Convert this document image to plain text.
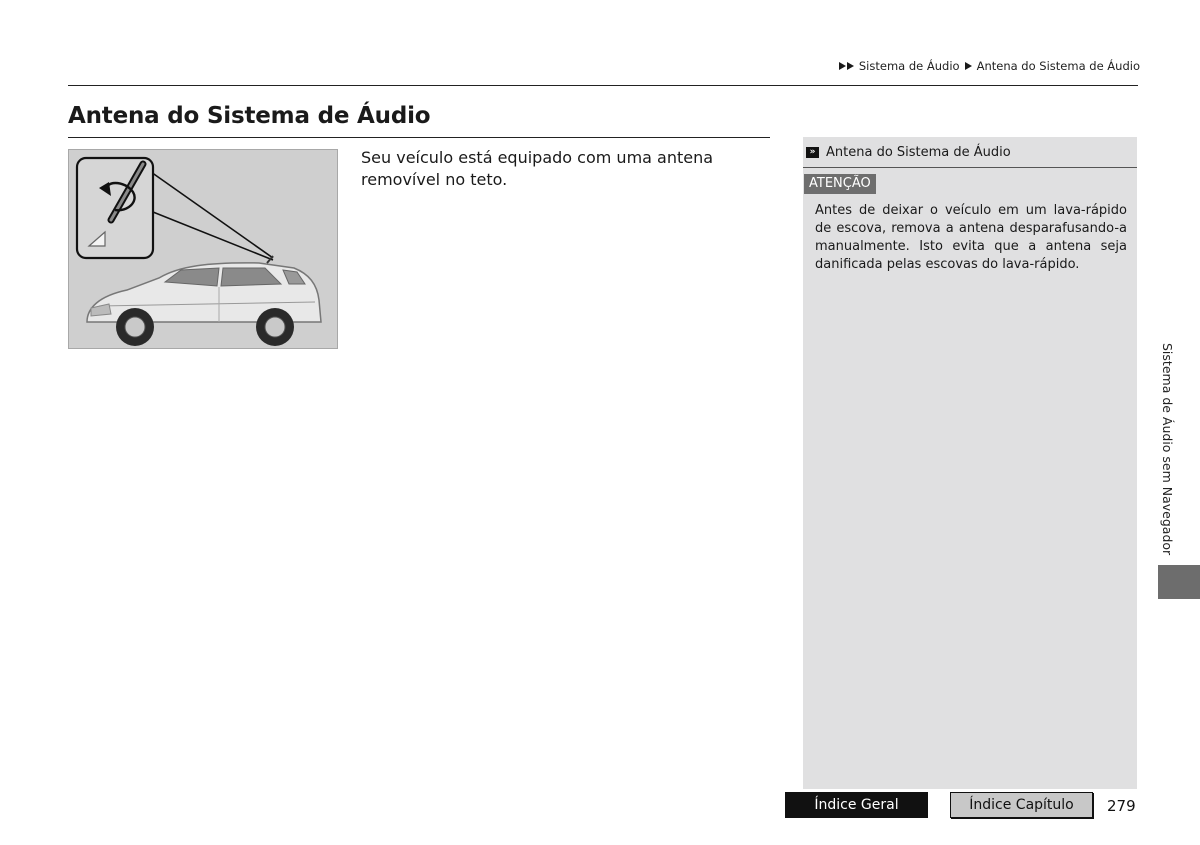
Sistema de Áudio Antena do Sistema de Áudio
Antena do Sistema de Áudio

Seu veículo está equipado com uma antena removível no teto.

» Antena do Sistema de Áudio
ATENÇÃO

Antes de deixar o veículo em um lava-rápido de escova, remova a antena desparafusando-a manualmente. Isto evita que a antena seja danificada pelas escovas do lava-rápido.

Sistema de Áudio sem Navegador
Índice Geral	Índice Capítulo	279
